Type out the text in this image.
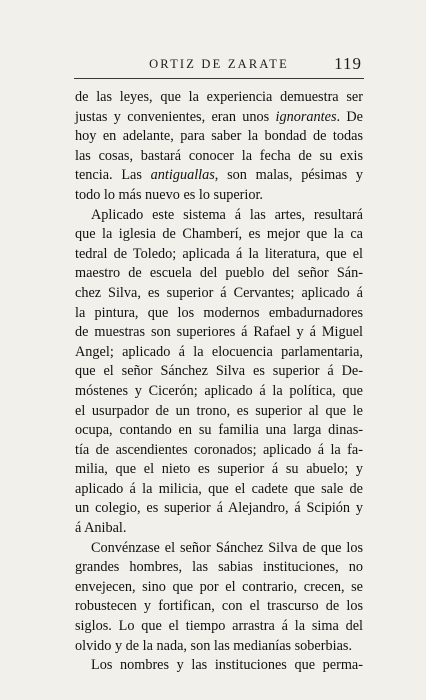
ORTIZ DE ZARATE	119
de las leyes, que la experiencia demuestra ser
justas y convenientes, eran unos ignorantes. De
hoy en adelante, para saber la bondad de todas
las cosas, bastará conocer la fecha de su exis
tencia. Las antiguallas, son malas, pésimas y
todo lo más nuevo es lo superior.
Aplicado este sistema á las artes, resultará
que la iglesia de Chamberí, es mejor que la ca
tedral de Toledo; aplicada á la literatura, que el
maestro de escuela del pueblo del señor Sán-
chez Silva, es superior á Cervantes; aplicado á
la pintura, que los modernos embadurnadores
de muestras son superiores á Rafael y á Miguel
Angel; aplicado á la elocuencia parlamentaria,
que el señor Sánchez Silva es superior á De-
móstenes y Cicerón; aplicado á la política, que
el usurpador de un trono, es superior al que le
ocupa, contando en su familia una larga dinas-
tía de ascendientes coronados; aplicado á la fa-
milia, que el nieto es superior á su abuelo; y
aplicado á la milicia, que el cadete que sale de
un colegio, es superior á Alejandro, á Scipión y
á Anibal.
Convénzase el señor Sánchez Silva de que los
grandes hombres, las sabias instituciones, no
envejecen, sino que por el contrario, crecen, se
robustecen y fortifican, con el trascurso de los
siglos. Lo que el tiempo arrastra á la sima del
olvido y de la nada, son las medianías soberbias.
Los nombres y las instituciones que perma-
